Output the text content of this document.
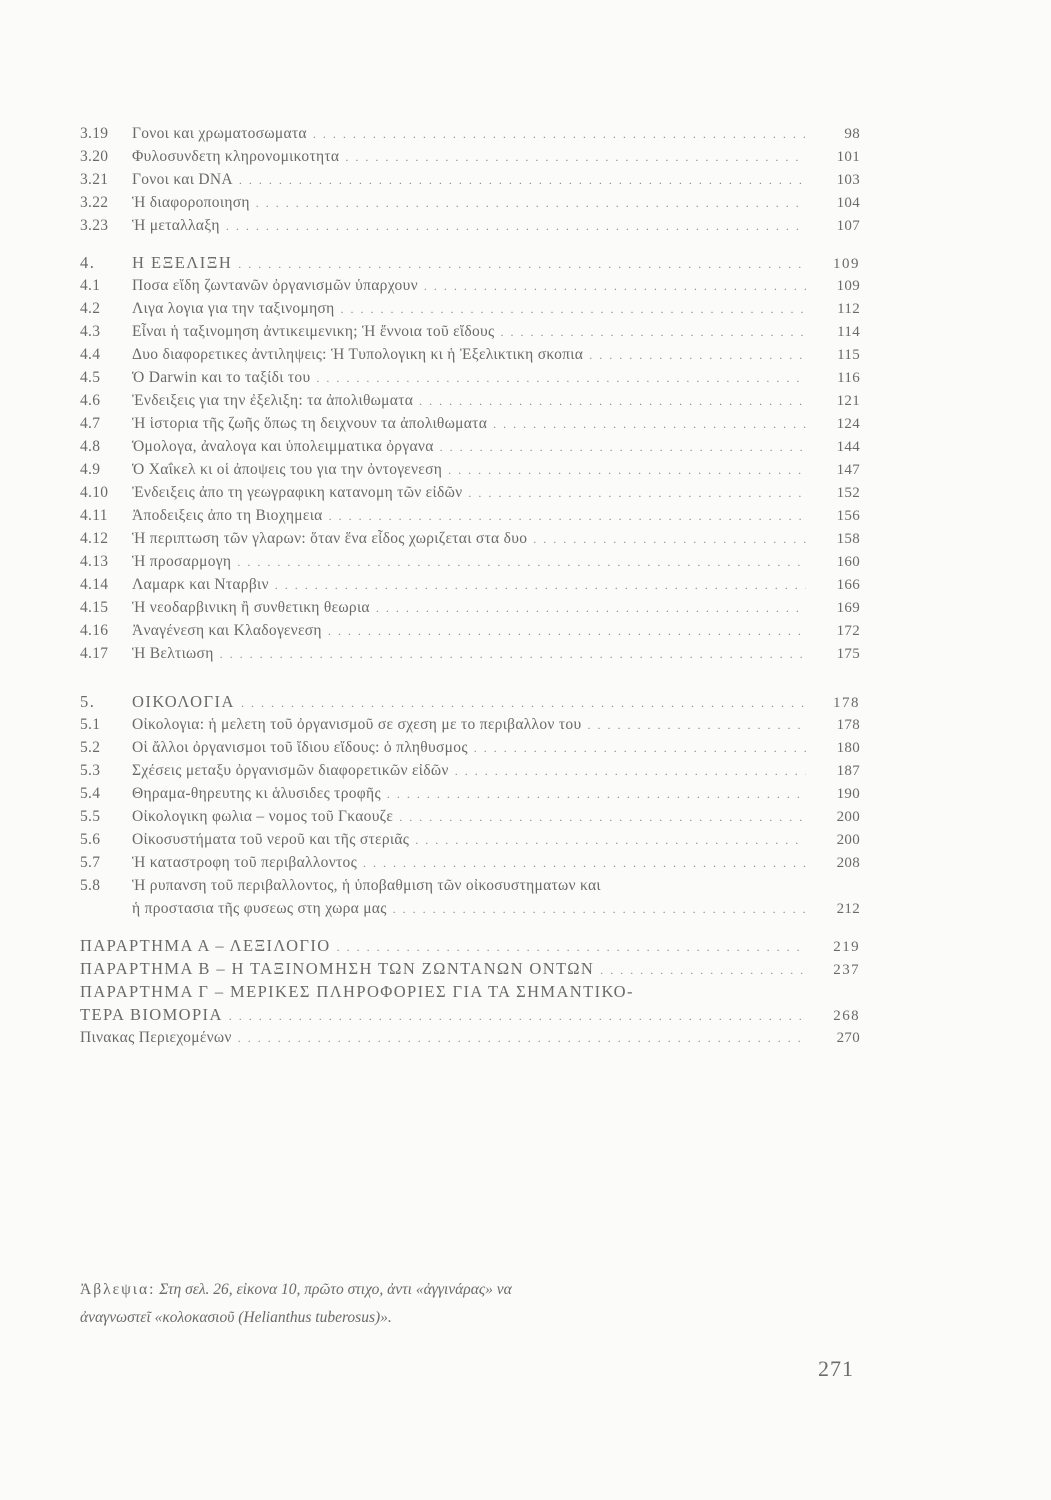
3.19	Γονοι και χρωματοσωματα . . .	98
3.20	Φυλοσυνδετη κληρονομικοτητα . . .	101
3.21	Γονοι και DNA . . .	103
3.22	Ἡ διαφοροποιηση . . .	104
3.23	Ἡ μεταλλαξη . . .	107
4.	Η ΕΞΕΛΙΞΗ . . .	109
4.1	Ποσα εἴδη ζωντανῶν ὀργανισμῶν ὑπαρχουν . . .	109
4.2	Λιγα λογια για την ταξινομηση . . .	112
4.3	Εἶναι ἡ ταξινομηση ἀντικειμενικη; Ἡ ἔννοια τοῦ εἴδους . . .	114
4.4	Δυο διαφορετικες ἀντιληψεις: Ἡ Τυπολογικη κι ἡ Ἐξελικτικη σκοπια . . .	115
4.5	Ὁ Darwin και το ταξίδι του . . .	116
4.6	Ἐνδειξεις για την ἐξελιξη: τα ἀπολιθωματα . . .	121
4.7	Ἡ ἱστορια τῆς ζωῆς ὅπως τη δειχνουν τα ἀπολιθωματα . . .	124
4.8	Ὁμολογα, ἀναλογα και ὑπολειμματικα ὀργανα . . .	144
4.9	Ὁ Χαΐκελ κι οἱ ἀποψεις του για την ὀντογενεση . . .	147
4.10	Ἐνδειξεις ἀπο τη γεωγραφικη κατανομη τῶν εἰδῶν . . .	152
4.11	Ἀποδειξεις ἀπο τη Βιοχημεια . . .	156
4.12	Ἡ περιπτωση τῶν γλαρων: ὅταν ἕνα εἶδος χωριζεται στα δυο . . .	158
4.13	Ἡ προσαρμογη . . .	160
4.14	Λαμαρκ και Νταρβιν . . .	166
4.15	Ἡ νεοδαρβινικη ἢ συνθετικη θεωρια . . .	169
4.16	Ἀναγένεση και Κλαδογενεση . . .	172
4.17	Ἡ Βελτιωση . . .	175
5.	ΟΙΚΟΛΟΓΙΑ . . .	178
5.1	Οἰκολογια: ἡ μελετη τοῦ ὀργανισμοῦ σε σχεση με το περιβαλλον του . . .	178
5.2	Οἱ ἄλλοι ὀργανισμοι τοῦ ἴδιου εἴδους: ὁ πληθυσμος . . .	180
5.3	Σχέσεις μεταξυ ὀργανισμῶν διαφορετικῶν εἰδῶν . . .	187
5.4	Θηραμα-θηρευτης κι ἁλυσιδες τροφῆς . . .	190
5.5	Οἰκολογικη φωλια – νομος τοῦ Γκαουζε . . .	200
5.6	Οἰκοσυστήματα τοῦ νεροῦ και τῆς στεριᾶς . . .	200
5.7	Ἡ καταστροφη τοῦ περιβαλλοντος . . .	208
5.8	Ἡ ρυπανση τοῦ περιβαλλοντος, ἡ ὑποβαθμιση τῶν οἰκοσυστηματων και
ἡ προστασια τῆς φυσεως στη χωρα μας . . .	212
ΠΑΡΑΡΤΗΜΑ Α – ΛΕΞΙΛΟΓΙΟ . . .	219
ΠΑΡΑΡΤΗΜΑ Β – Η ΤΑΞΙΝΟΜΗΣΗ ΤΩΝ ΖΩΝΤΑΝΩΝ ΟΝΤΩΝ . . .	237
ΠΑΡΑΡΤΗΜΑ Γ – ΜΕΡΙΚΕΣ ΠΛΗΡΟΦΟΡΙΕΣ ΓΙΑ ΤΑ ΣΗΜΑΝΤΙΚΟ-
ΤΕΡΑ ΒΙΟΜΟΡΙΑ . . .	268
Πινακας Περιεχομένων . . .	270
Ἀβλεψια: Στη σελ. 26, εἰκονα 10, πρῶτο στιχο, ἀντι «ἀγγινάρας» να
ἀναγνωστεῖ «κολοκασιοῦ (Helianthus tuberosus)».
271
